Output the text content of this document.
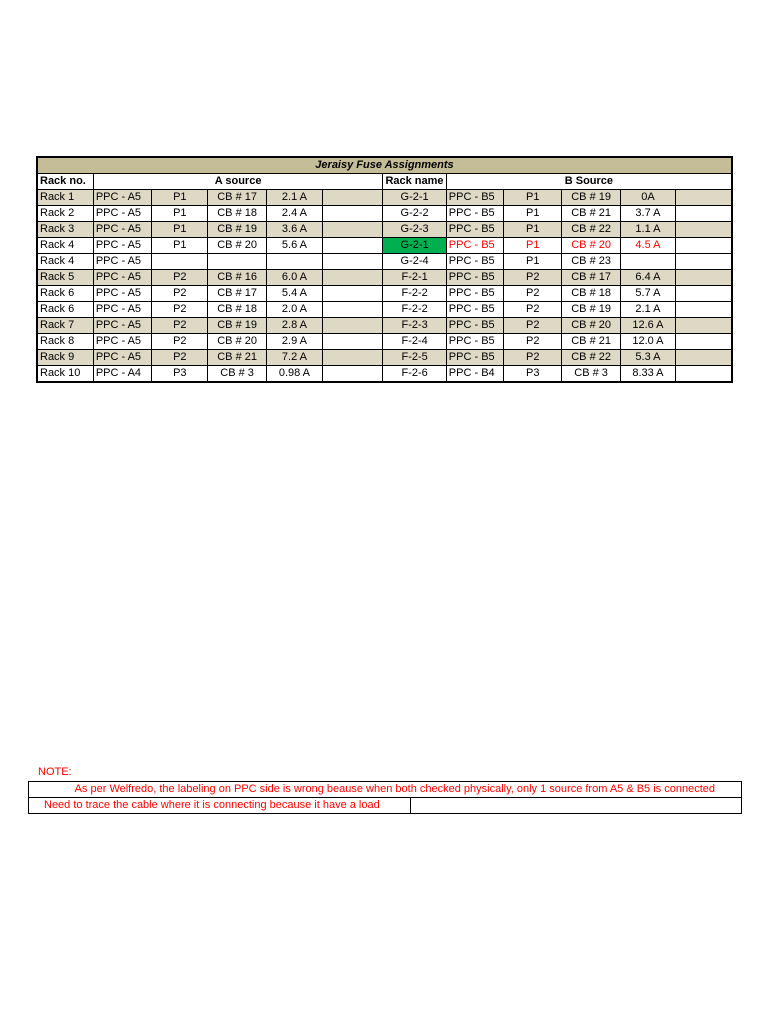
Jeraisy Fuse Assignments											
Rack no.	A source					Rack name	B Source				
Rack 1	PPC - A5	P1	CB # 17	2.1 A		G-2-1	PPC - B5	P1	CB # 19	0A	
Rack 2	PPC - A5	P1	CB # 18	2.4 A		G-2-2	PPC - B5	P1	CB # 21	3.7 A	
Rack 3	PPC - A5	P1	CB # 19	3.6 A		G-2-3	PPC - B5	P1	CB # 22	1.1 A	
Rack 4	PPC - A5	P1	CB # 20	5.6 A		G-2-1	PPC - B5	P1	CB # 20	4.5 A	
Rack 4	PPC - A5					G-2-4	PPC - B5	P1	CB # 23		
Rack 5	PPC - A5	P2	CB # 16	6.0 A		F-2-1	PPC - B5	P2	CB # 17	6.4 A	
Rack 6	PPC - A5	P2	CB # 17	5.4 A		F-2-2	PPC - B5	P2	CB # 18	5.7 A	
Rack 6	PPC - A5	P2	CB # 18	2.0 A		F-2-2	PPC - B5	P2	CB # 19	2.1 A	
Rack 7	PPC - A5	P2	CB # 19	2.8 A		F-2-3	PPC - B5	P2	CB # 20	12.6 A	
Rack 8	PPC - A5	P2	CB # 20	2.9 A		F-2-4	PPC - B5	P2	CB # 21	12.0 A	
Rack 9	PPC - A5	P2	CB # 21	7.2 A		F-2-5	PPC - B5	P2	CB # 22	5.3 A	
Rack 10	PPC - A4	P3	CB # 3	0.98 A		F-2-6	PPC - B4	P3	CB # 3	8.33 A	
NOTE:
As per Welfredo, the labeling on PPC side is wrong beause when both checked physically, only 1 source from A5 & B5 is connected
Need to trace the cable where it is connecting because it have a load	
